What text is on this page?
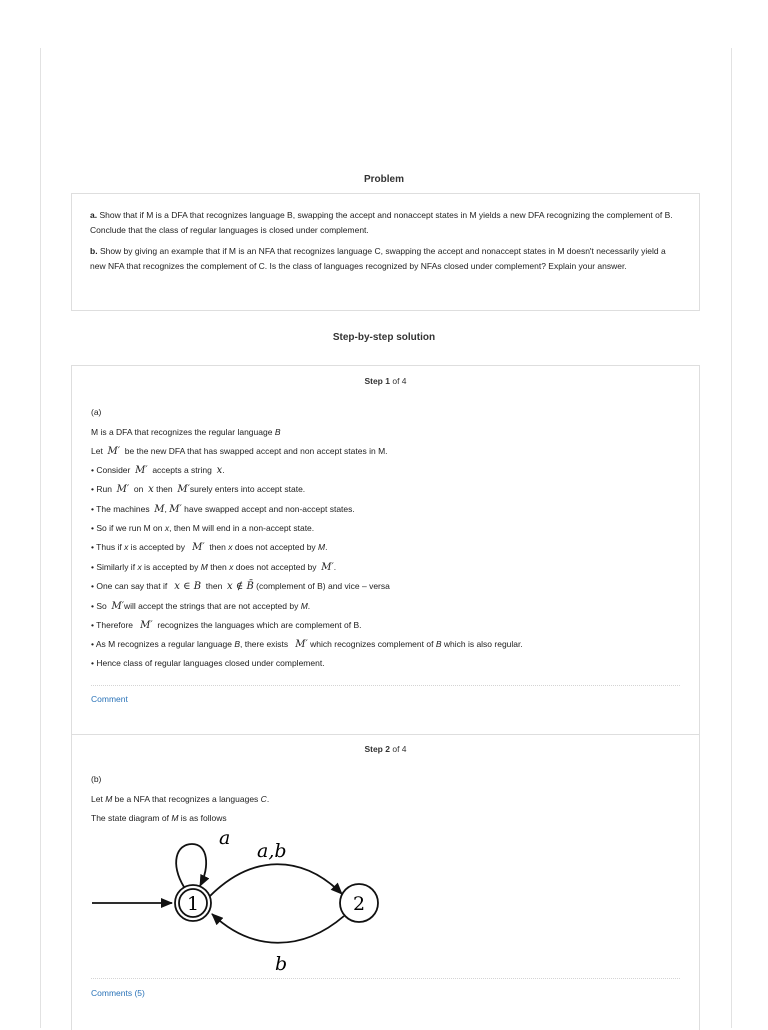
Problem

a. Show that if M is a DFA that recognizes language B, swapping the accept and nonaccept states in M yields a new DFA recognizing the complement of B. Conclude that the class of regular languages is closed under complement.

b. Show by giving an example that if M is an NFA that recognizes language C, swapping the accept and nonaccept states in M doesn't necessarily yield a new NFA that recognizes the complement of C. Is the class of languages recognized by NFAs closed under complement? Explain your answer.

Step-by-step solution
Step 1 of 4
(a)
M is a DFA that recognizes the regular language B
Let  M′  be the new DFA that has swapped accept and non accept states in M.
• Consider  M′  accepts a string  x.
• Run  M′  on  x then  M′surely enters into accept state.
• The machines  M, M′ have swapped accept and non-accept states.
• So if we run M on x, then M will end in a non-accept state.
• Thus if x is accepted by   M′  then x does not accepted by M.
• Similarly if x is accepted by M then x does not accepted by  M′.
• One can say that if   x ∈ B  then  x ∉ B̄ (complement of B) and vice – versa
• So  M′will accept the strings that are not accepted by M.
• Therefore   M′  recognizes the languages which are complement of B.
• As M recognizes a regular language B, there exists   M′ which recognizes complement of B which is also regular.
• Hence class of regular languages closed under complement.
Comment
Step 2 of 4
(b)
Let M be a NFA that recognizes a languages C.
The state diagram of M is as follows
1	2
a
a,b
b
Comments (5)
